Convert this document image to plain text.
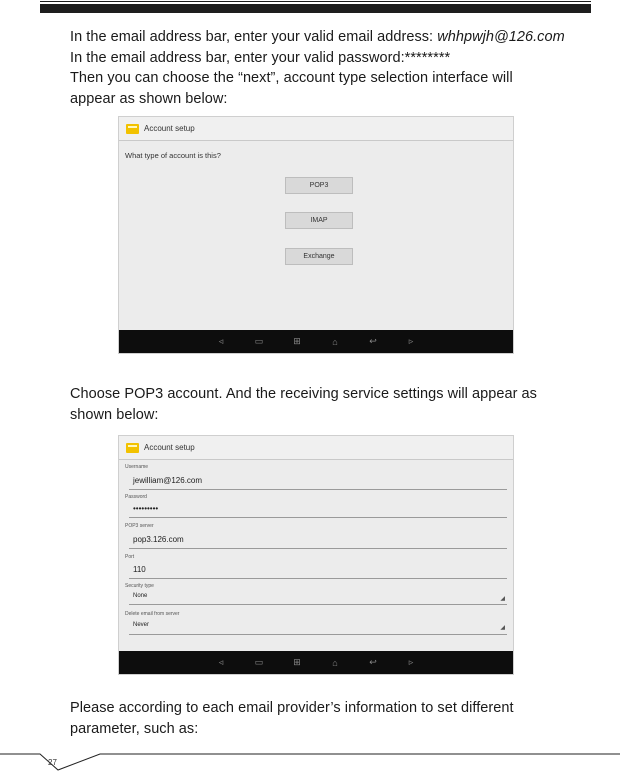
In the email address bar, enter your valid email address: whhpwjh@126.com
In the email address bar, enter your valid password:********
Then you can choose the “next”, account type selection interface will
appear as shown below:
Account setup
What type of account is this?
POP3
IMAP
Exchange
◃	▭	⊞	⌂	↩	▹
Choose POP3 account. And the receiving service settings will appear as
shown below:
Account setup
Username
jewilliam@126.com
Password
•••••••••
POP3 server
pop3.126.com
Port
110
Security type
None	◢
Delete email from server
Never	◢
◃	▭	⊞	⌂	↩	▹
Please according to each email provider’s information to set different
parameter, such as:
27
